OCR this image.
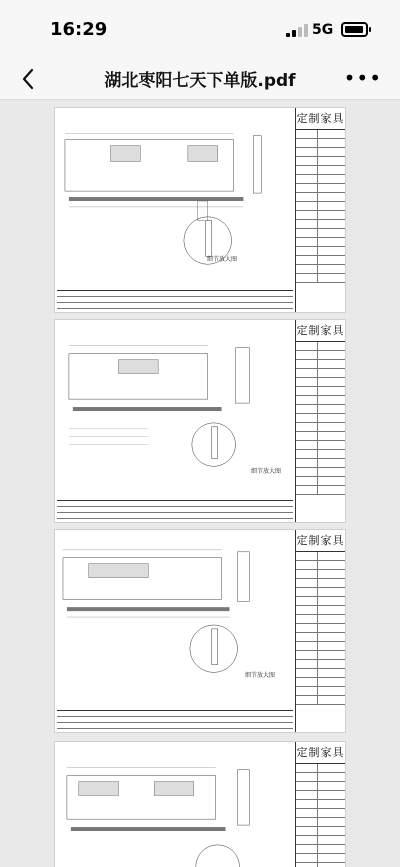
16:29	5G
湖北枣阳七天下单版.pdf	•••
细节放大图
定制家具
细节放大图
定制家具
细节放大图
定制家具
定制家具
